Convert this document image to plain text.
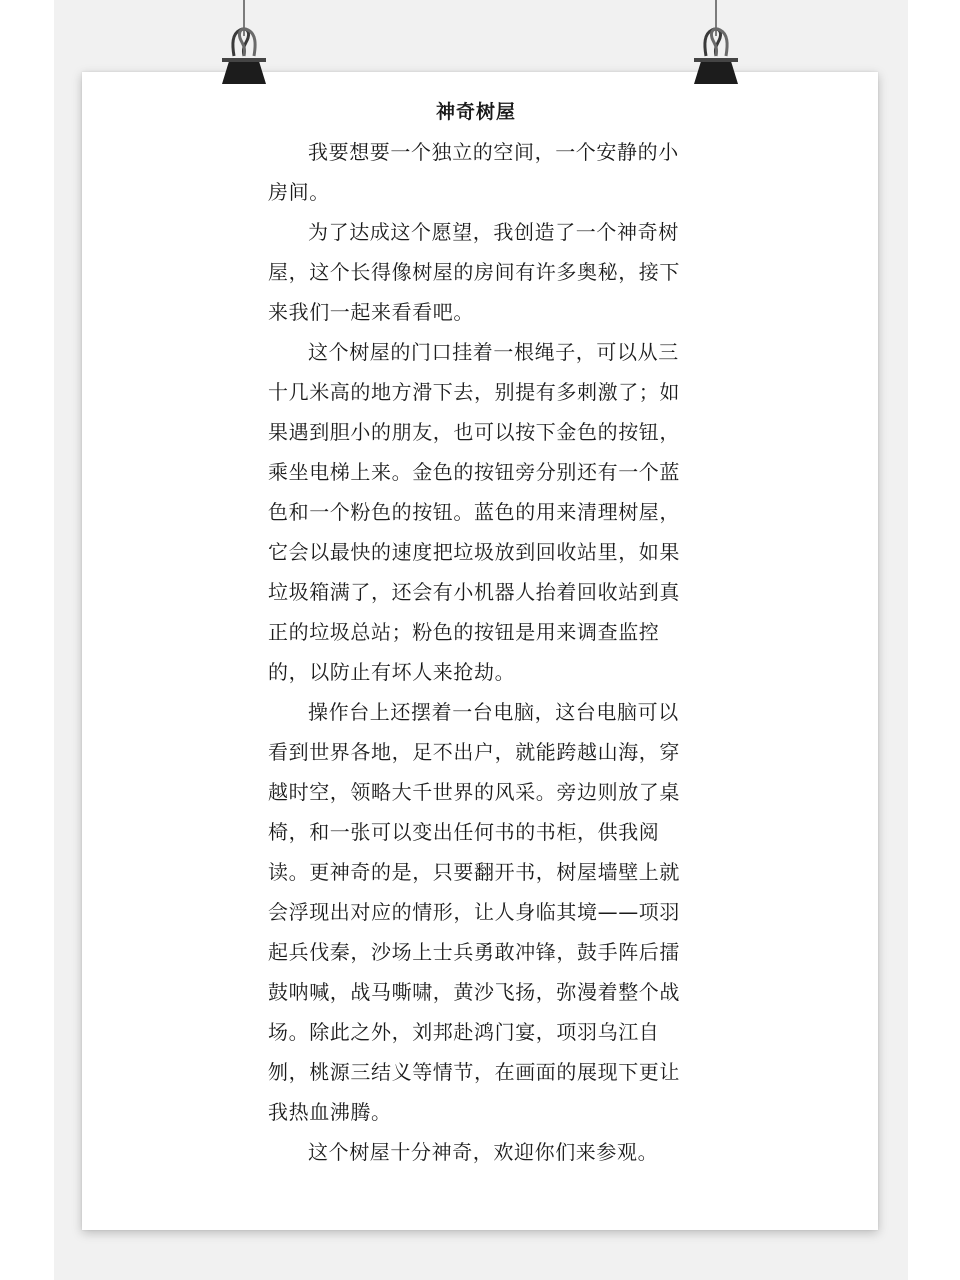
神奇树屋

我要想要一个独立的空间，一个安静的小房间。

为了达成这个愿望，我创造了一个神奇树屋，这个长得像树屋的房间有许多奥秘，接下来我们一起来看看吧。

这个树屋的门口挂着一根绳子，可以从三十几米高的地方滑下去，别提有多刺激了；如果遇到胆小的朋友，也可以按下金色的按钮，乘坐电梯上来。金色的按钮旁分别还有一个蓝色和一个粉色的按钮。蓝色的用来清理树屋，它会以最快的速度把垃圾放到回收站里，如果垃圾箱满了，还会有小机器人抬着回收站到真正的垃圾总站；粉色的按钮是用来调查监控的，以防止有坏人来抢劫。

操作台上还摆着一台电脑，这台电脑可以看到世界各地，足不出户，就能跨越山海，穿越时空，领略大千世界的风采。旁边则放了桌椅，和一张可以变出任何书的书柜，供我阅读。更神奇的是，只要翻开书，树屋墙壁上就会浮现出对应的情形，让人身临其境——项羽起兵伐秦，沙场上士兵勇敢冲锋，鼓手阵后擂鼓呐喊，战马嘶啸，黄沙飞扬，弥漫着整个战场。除此之外，刘邦赴鸿门宴，项羽乌江自刎，桃源三结义等情节，在画面的展现下更让我热血沸腾。

这个树屋十分神奇，欢迎你们来参观。
